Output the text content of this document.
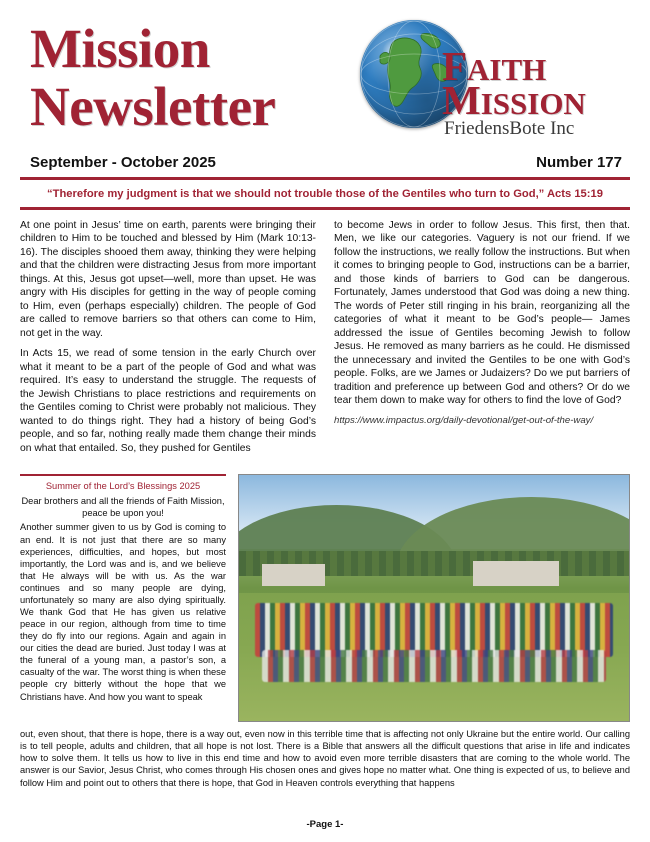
Mission
Newsletter
FAITH
MISSION
FriedensBote Inc
September - October 2025	Number 177
“Therefore my judgment is that we should not trouble those of the Gentiles who turn to God,” Acts 15:19

At one point in Jesus’ time on earth, parents were bringing their children to Him to be touched and blessed by Him (Mark 10:13-16). The disciples shooed them away, thinking they were helping and that the children were distracting Jesus from more important things. At this, Jesus got upset—well, more than upset. He was angry with His disciples for getting in the way of people coming to Him, even (perhaps especially) children. The people of God are called to remove barriers so that others can come to Him, not get in the way.

In Acts 15, we read of some tension in the early Church over what it meant to be a part of the people of God and what was required. It’s easy to understand the struggle. The requests of the Jewish Christians to place restrictions and requirements on the Gentiles coming to Christ were probably not malicious. They wanted to do things right. They had a history of being God’s people, and so far, nothing really made them change their minds on what that entailed. So, they pushed for Gentiles

to become Jews in order to follow Jesus. This first, then that. Men, we like our categories. Vaguery is not our friend. If we follow the instructions, we really follow the instructions. But when it comes to bringing people to God, instructions can be a barrier, and those kinds of barriers to God can be dangerous. Fortunately, James understood that God was doing a new thing. The words of Peter still ringing in his brain, reorganizing all the categories of what it meant to be God’s people— James addressed the issue of Gentiles becoming Jewish to follow Jesus. He removed as many barriers as he could. He dismissed the unnecessary and invited the Gentiles to be one with God’s people. Folks, are we James or Judaizers? Do we put barriers of tradition and preference up between God and others? Or do we tear them down to make way for others to find the love of God?

https://www.impactus.org/daily-devotional/get-out-of-the-way/
Summer of the Lord’s Blessings 2025
Dear brothers and all the friends of Faith Mission, peace be upon you!
Another summer given to us by God is coming to an end. It is not just that there are so many experiences, difficulties, and hopes, but most importantly, the Lord was and is, and we believe that He always will be with us. As the war continues and so many people are dying, unfortunately so many are also dying spiritually. We thank God that He has given us relative peace in our region, although from time to time they do fly into our regions. Again and again in our cities the dead are buried. Just today I was at the funeral of a young man, a pastor’s son, a casualty of the war. The worst thing is when these people cry bitterly without the hope that we Christians have. And how you want to speak

out, even shout, that there is hope, there is a way out, even now in this terrible time that is affecting not only Ukraine but the entire world. Our calling is to tell people, adults and children, that all hope is not lost. There is a Bible that answers all the difficult questions that arise in life and indicates how to solve them. It tells us how to live in this end time and how to avoid even more terrible disasters that are coming to the whole world. The answer is our Savior, Jesus Christ, who comes through His chosen ones and gives hope no matter what. One thing is expected of us, to believe and follow Him and point out to others that there is hope, that God in Heaven controls everything that happens

-Page 1-
